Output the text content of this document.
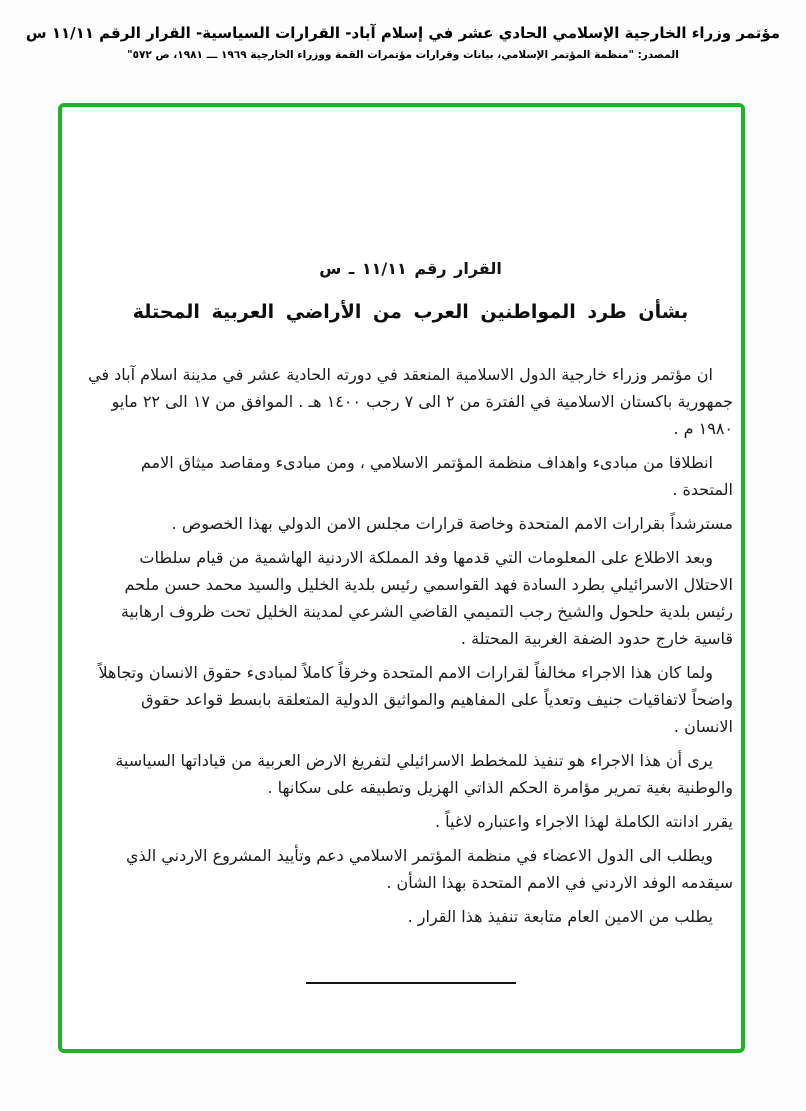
مؤتمر وزراء الخارجية الإسلامي الحادي عشر في إسلام آباد- القرارات السياسية- القرار الرقم ١١/١١ س
المصدر: "منظمة المؤتمر الإسلامي، بيانات وقرارات مؤتمرات القمة ووزراء الخارجية ١٩٦٩ ـــ ١٩٨١، ص ٥٧٢"
القرار رقم ١١/١١ ـ س
بشأن طرد المواطنين العرب من الأراضي العربية المحتلة

ان مؤتمر وزراء خارجية الدول الاسلامية المنعقد في دورته الحادية عشر في مدينة اسلام آباد في جمهورية باكستان الاسلامية في الفترة من ٢ الى ٧ رجب ١٤٠٠ هـ . الموافق من ١٧ الى ٢٢ مايو ١٩٨٠ م .

انطلاقا من مبادىء واهداف منظمة المؤتمر الاسلامي ، ومن مبادىء ومقاصد ميثاق الامم المتحدة .

مسترشداً بقرارات الامم المتحدة وخاصة قرارات مجلس الامن الدولي بهذا الخصوص .

وبعد الاطلاع على المعلومات التي قدمها وفد المملكة الاردنية الهاشمية من قيام سلطات الاحتلال الاسرائيلي بطرد السادة فهد القواسمي رئيس بلدية الخليل والسيد محمد حسن ملحم رئيس بلدية حلحول والشيخ رجب التميمي القاضي الشرعي لمدينة الخليل تحت ظروف ارهابية قاسية خارج حدود الضفة الغربية المحتلة .

ولما كان هذا الاجراء مخالفاً لقرارات الامم المتحدة وخرقاً كاملاً لمبادىء حقوق الانسان وتجاهلاً واضحاً لاتفاقيات جنيف وتعدياً على المفاهيم والمواثيق الدولية المتعلقة بابسط قواعد حقوق الانسان .

يرى أن هذا الاجراء هو تنفيذ للمخطط الاسرائيلي لتفريغ الارض العربية من قياداتها السياسية والوطنية بغية تمرير مؤامرة الحكم الذاتي الهزيل وتطبيقه على سكانها .

يقرر ادانته الكاملة لهذا الاجراء واعتباره لاغياً .

ويطلب الى الدول الاعضاء في منظمة المؤتمر الاسلامي دعم وتأييد المشروع الاردني الذي سيقدمه الوفد الاردني في الامم المتحدة بهذا الشأن .

يطلب من الامين العام متابعة تنفيذ هذا القرار .
